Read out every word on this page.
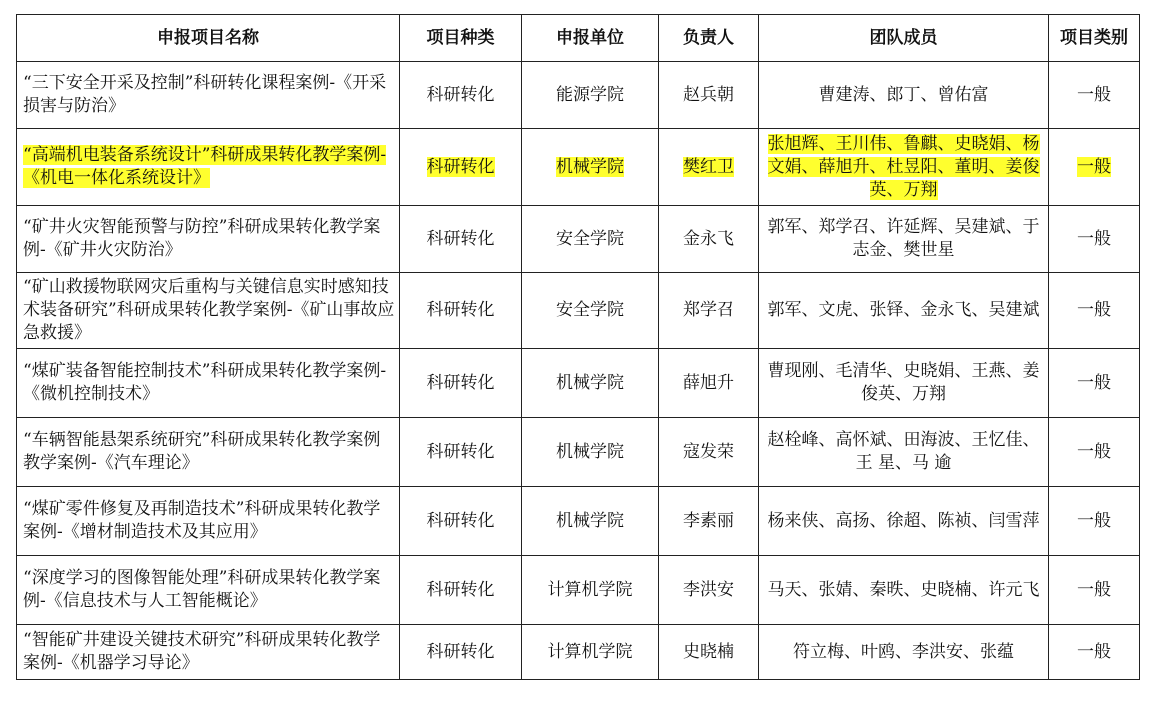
申报项目名称	项目种类	申报单位	负责人	团队成员	项目类别
“三下安全开采及控制”科研转化课程案例-《开采损害与防治》	科研转化	能源学院	赵兵朝	曹建涛、郎丁、曾佑富	一般
“高端机电装备系统设计”科研成果转化教学案例-《机电一体化系统设计》	科研转化	机械学院	樊红卫	张旭辉、王川伟、鲁麒、史晓娟、杨文娟、薛旭升、杜昱阳、董明、姜俊英、万翔	一般
“矿井火灾智能预警与防控”科研成果转化教学案例-《矿井火灾防治》	科研转化	安全学院	金永飞	郭军、郑学召、许延辉、吴建斌、于志金、樊世星	一般
“矿山救援物联网灾后重构与关键信息实时感知技术装备研究”科研成果转化教学案例-《矿山事故应急救援》	科研转化	安全学院	郑学召	郭军、文虎、张铎、金永飞、吴建斌	一般
“煤矿装备智能控制技术”科研成果转化教学案例-《微机控制技术》	科研转化	机械学院	薛旭升	曹现刚、毛清华、史晓娟、王燕、姜俊英、万翔	一般
“车辆智能悬架系统研究”科研成果转化教学案例教学案例-《汽车理论》	科研转化	机械学院	寇发荣	赵栓峰、高怀斌、田海波、王忆佳、王 星、马 逾	一般
“煤矿零件修复及再制造技术”科研成果转化教学案例-《增材制造技术及其应用》	科研转化	机械学院	李素丽	杨来侠、高扬、徐超、陈祯、闫雪萍	一般
“深度学习的图像智能处理”科研成果转化教学案例-《信息技术与人工智能概论》	科研转化	计算机学院	李洪安	马天、张婧、秦昳、史晓楠、许元飞	一般
“智能矿井建设关键技术研究”科研成果转化教学案例-《机器学习导论》	科研转化	计算机学院	史晓楠	符立梅、叶鸥、李洪安、张蕴	一般
